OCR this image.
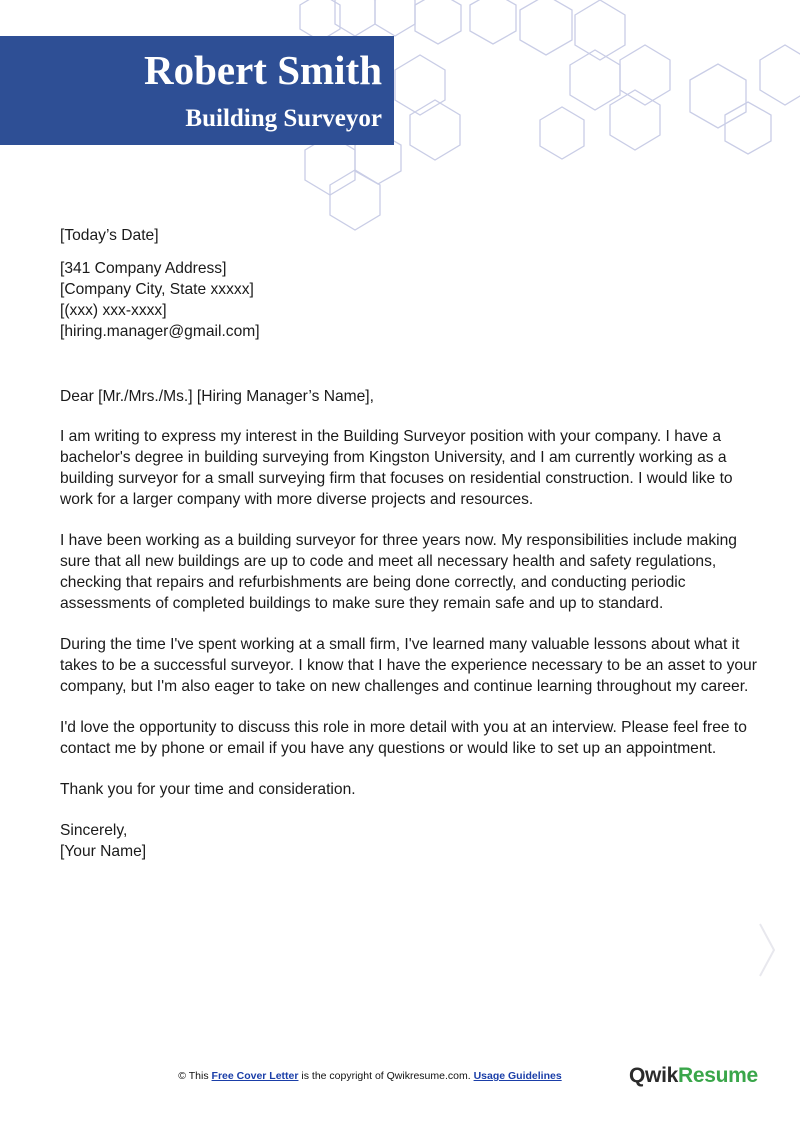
Robert Smith
Building Surveyor

[Today’s Date]

[341 Company Address]

[Company City, State xxxxx]

[(xxx) xxx-xxxx]

[hiring.manager@gmail.com]

Dear [Mr./Mrs./Ms.] [Hiring Manager’s Name],

I am writing to express my interest in the Building Surveyor position with your company. I have a bachelor's degree in building surveying from Kingston University, and I am currently working as a building surveyor for a small surveying firm that focuses on residential construction. I would like to work for a larger company with more diverse projects and resources.

I have been working as a building surveyor for three years now. My responsibilities include making sure that all new buildings are up to code and meet all necessary health and safety regulations, checking that repairs and refurbishments are being done correctly, and conducting periodic assessments of completed buildings to make sure they remain safe and up to standard.

During the time I've spent working at a small firm, I've learned many valuable lessons about what it takes to be a successful surveyor. I know that I have the experience necessary to be an asset to your company, but I'm also eager to take on new challenges and continue learning throughout my career.

I'd love the opportunity to discuss this role in more detail with you at an interview. Please feel free to contact me by phone or email if you have any questions or would like to set up an appointment.

Thank you for your time and consideration.

Sincerely,

[Your Name]

© This Free Cover Letter is the copyright of Qwikresume.com. Usage Guidelines	QwikResume
